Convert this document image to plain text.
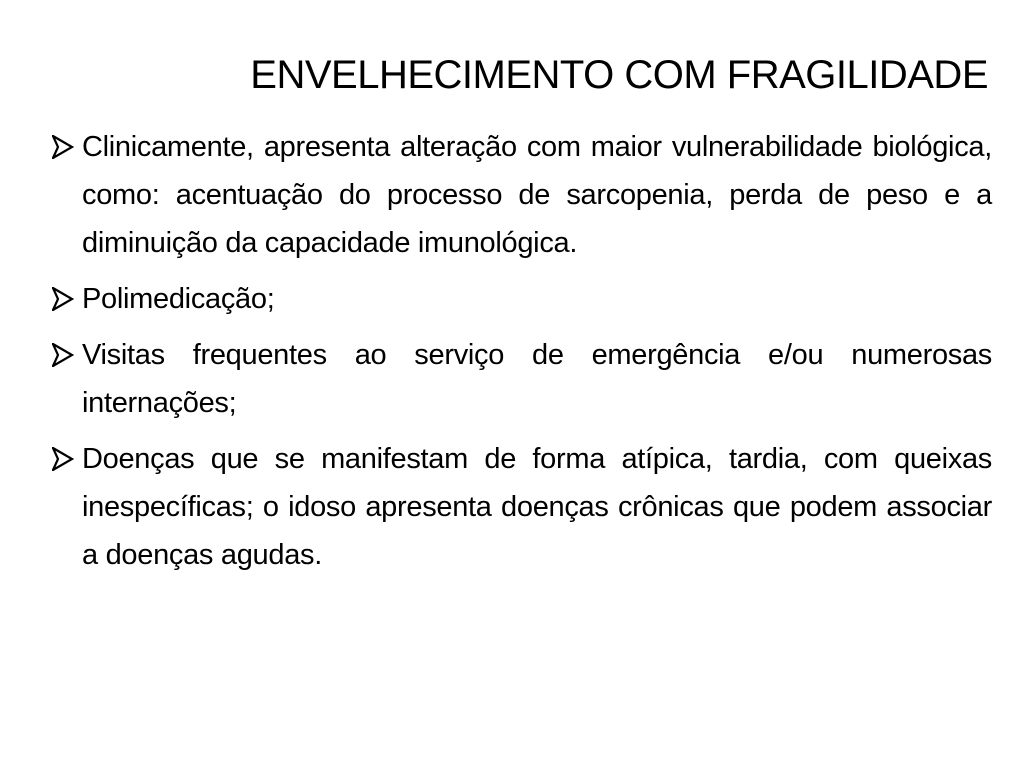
ENVELHECIMENTO COM FRAGILIDADE
Clinicamente, apresenta alteração com maior vulnerabilidade biológica, como: acentuação do processo de sarcopenia, perda de peso e a diminuição da capacidade imunológica.
Polimedicação;
Visitas frequentes ao serviço de emergência e/ou numerosas internações;
Doenças que se manifestam de forma atípica, tardia, com queixas inespecíficas; o idoso apresenta doenças crônicas que podem associar a doenças agudas.
